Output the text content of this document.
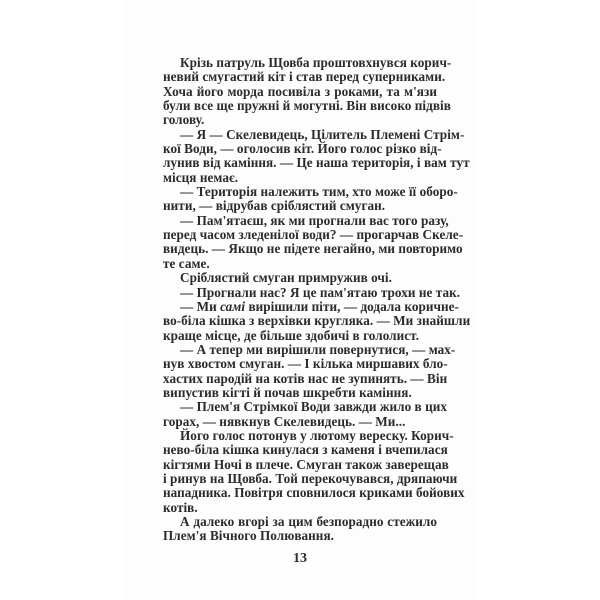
Крізь патруль Щовба проштовхнувся корич-
невий смугастий кіт і став перед суперниками.
Хоча його морда посивіла з роками, та м'язи
були все ще пружні й могутні. Він високо підвів
голову.
— Я — Скелевидець, Цілитель Племені Стрім-
кої Води, — оголосив кіт. Його голос різко від-
лунив від каміння. — Це наша територія, і вам тут
місця немає.
— Територія належить тим, хто може її оборо-
нити, — відрубав сріблястий смуган.
— Пам'ятаєш, як ми прогнали вас того разу,
перед часом зледенілої води? — прогарчав Скеле-
видець. — Якщо не підете негайно, ми повторимо
те саме.
Сріблястий смуган примружив очі.
— Прогнали нас? Я це пам'ятаю трохи не так.
— Ми самі вирішили піти, — додала коричне-
во-біла кішка з верхівки кругляка. — Ми знайшли
краще місце, де більше здобичі в гололист.
— А тепер ми вирішили повернутися, — мах-
нув хвостом смуган. — І кілька миршавих бло-
хастих пародій на котів нас не зупинять. — Він
випустив кігті й почав шкребти каміння.
— Плем'я Стрімкої Води завжди жило в цих
горах, — нявкнув Скелевидець. — Ми...
Його голос потонув у лютому вереску. Корич-
нево-біла кішка кинулася з каменя і вчепилася
кігтями Ночі в плече. Смуган також заверещав
і ринув на Щовба. Той перекочувався, дряпаючи
нападника. Повітря сповнилося криками бойових
котів.
А далеко вгорі за цим безпорадно стежило
Плем'я Вічного Полювання.
13
